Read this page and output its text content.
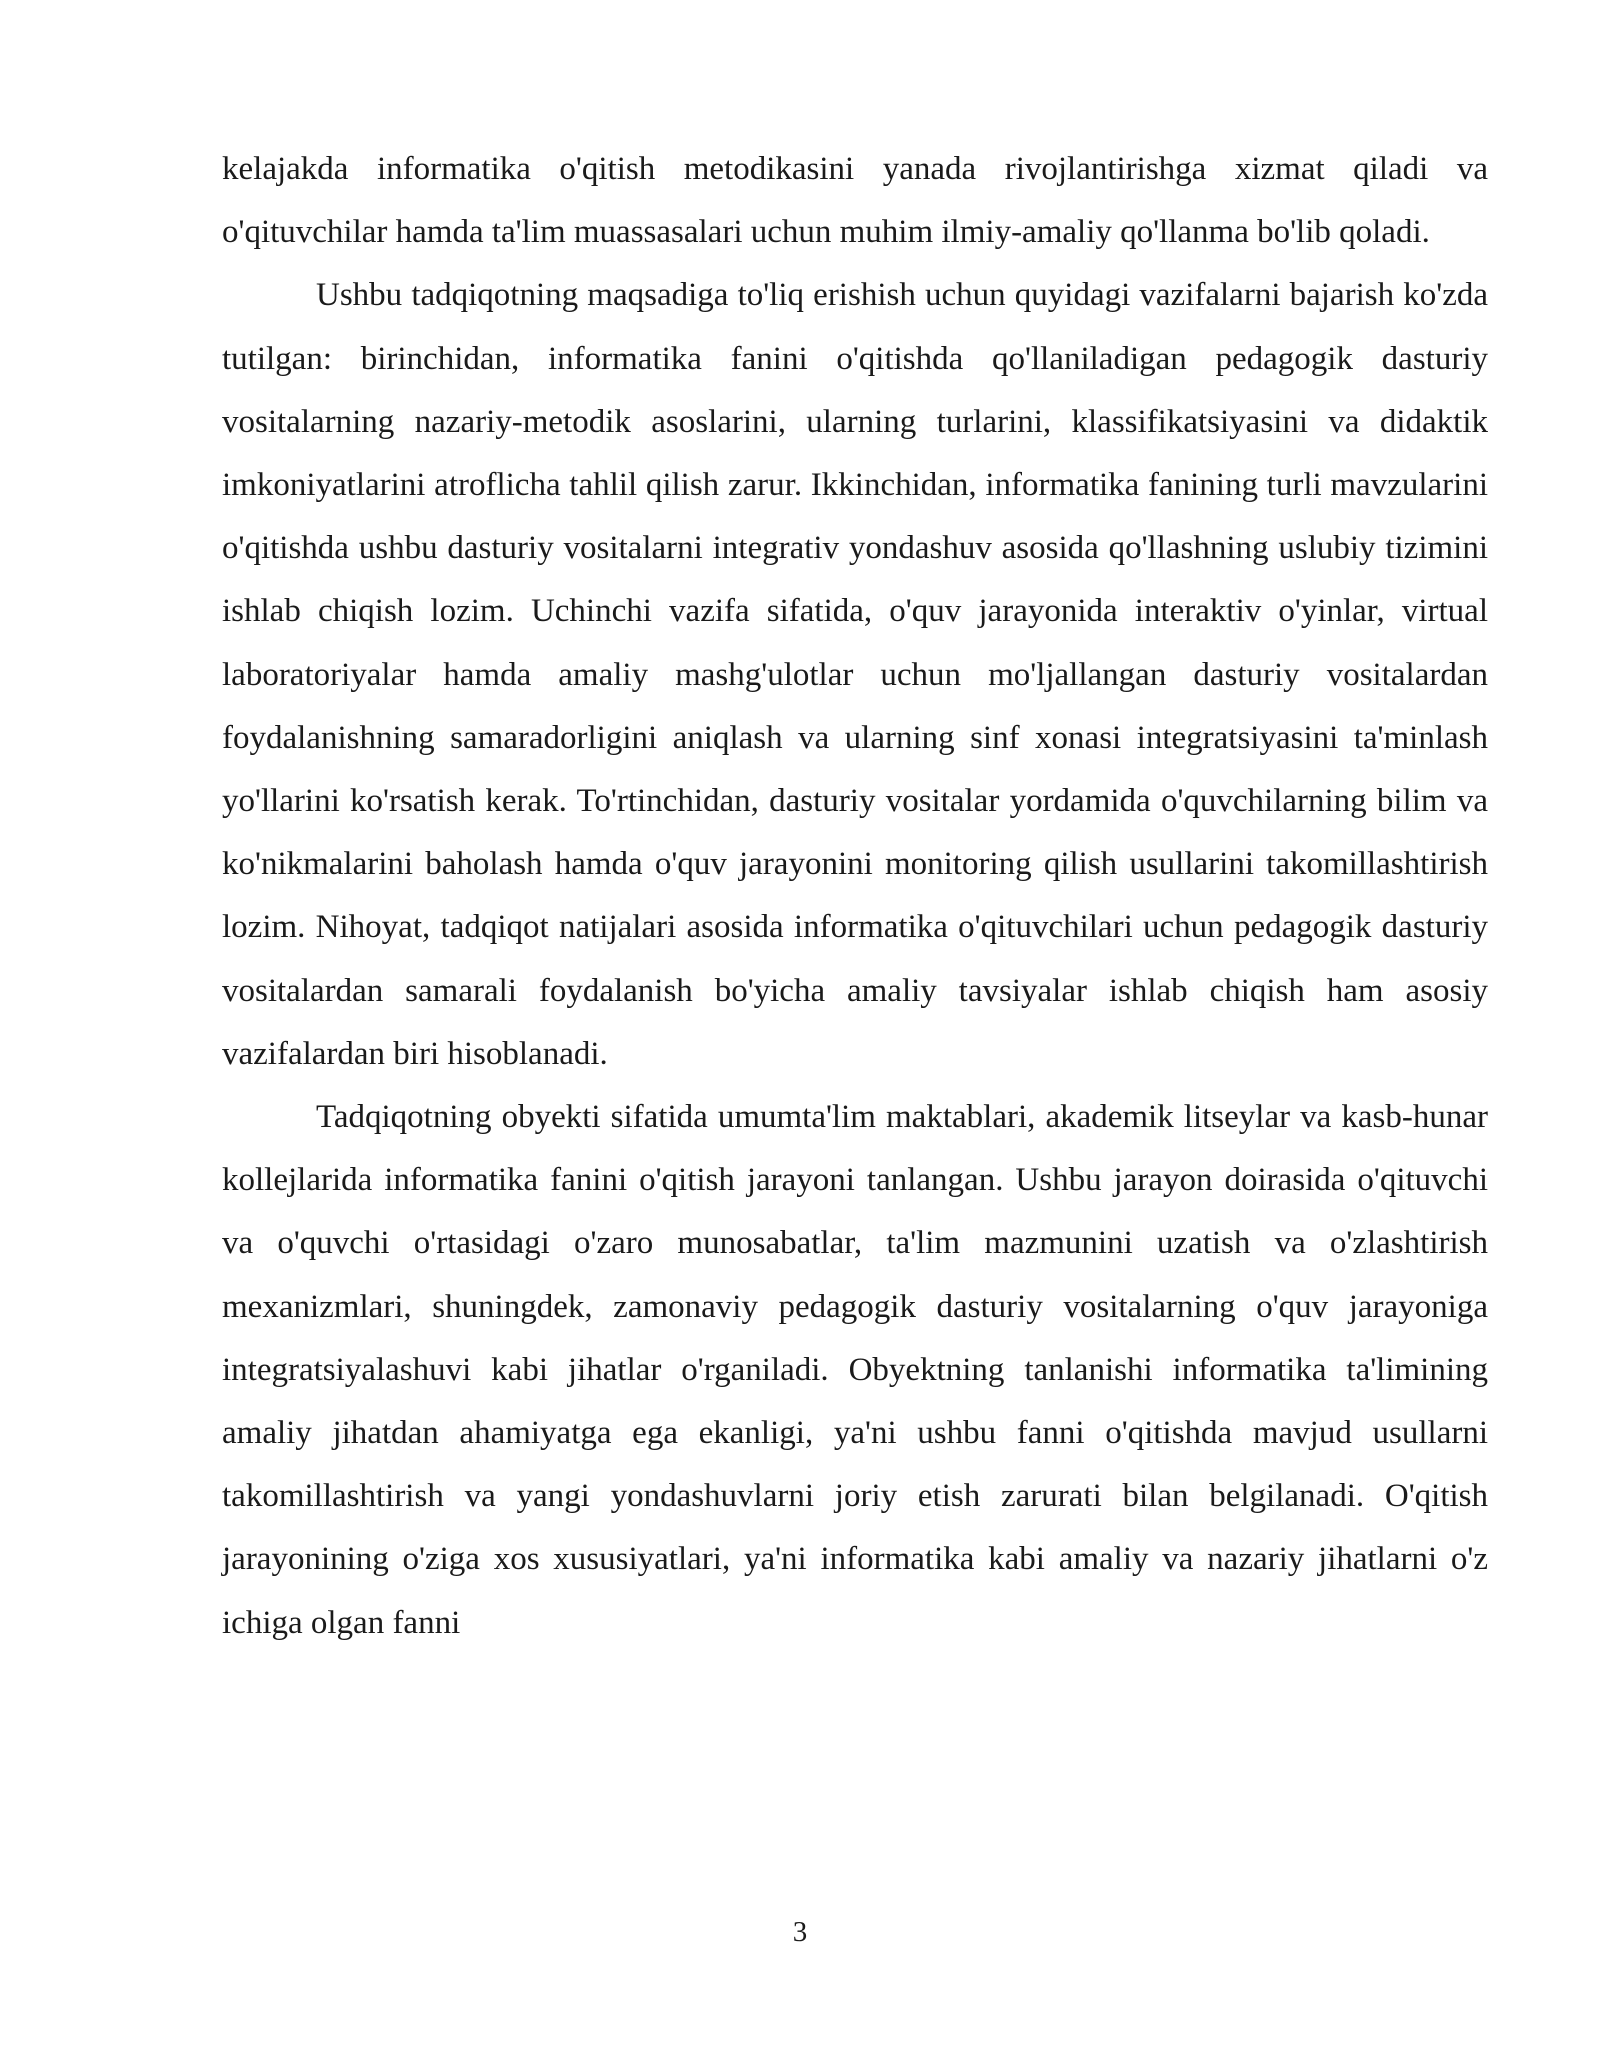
kelajakda informatika o'qitish metodikasini yanada rivojlantirishga xizmat qiladi va o'qituvchilar hamda ta'lim muassasalari uchun muhim ilmiy-amaliy qo'llanma bo'lib qoladi.

Ushbu tadqiqotning maqsadiga to'liq erishish uchun quyidagi vazifalarni bajarish ko'zda tutilgan: birinchidan, informatika fanini o'qitishda qo'llaniladigan pedagogik dasturiy vositalarning nazariy-metodik asoslarini, ularning turlarini, klassifikatsiyasini va didaktik imkoniyatlarini atroflicha tahlil qilish zarur. Ikkinchidan, informatika fanining turli mavzularini o'qitishda ushbu dasturiy vositalarni integrativ yondashuv asosida qo'llashning uslubiy tizimini ishlab chiqish lozim. Uchinchi vazifa sifatida, o'quv jarayonida interaktiv o'yinlar, virtual laboratoriyalar hamda amaliy mashg'ulotlar uchun mo'ljallangan dasturiy vositalardan foydalanishning samaradorligini aniqlash va ularning sinf xonasi integratsiyasini ta'minlash yo'llarini ko'rsatish kerak. To'rtinchidan, dasturiy vositalar yordamida o'quvchilarning bilim va ko'nikmalarini baholash hamda o'quv jarayonini monitoring qilish usullarini takomillashtirish lozim. Nihoyat, tadqiqot natijalari asosida informatika o'qituvchilari uchun pedagogik dasturiy vositalardan samarali foydalanish bo'yicha amaliy tavsiyalar ishlab chiqish ham asosiy vazifalardan biri hisoblanadi.

Tadqiqotning obyekti sifatida umumta'lim maktablari, akademik litseylar va kasb-hunar kollejlarida informatika fanini o'qitish jarayoni tanlangan. Ushbu jarayon doirasida o'qituvchi va o'quvchi o'rtasidagi o'zaro munosabatlar, ta'lim mazmunini uzatish va o'zlashtirish mexanizmlari, shuningdek, zamonaviy pedagogik dasturiy vositalarning o'quv jarayoniga integratsiyalashuvi kabi jihatlar o'rganiladi. Obyektning tanlanishi informatika ta'limining amaliy jihatdan ahamiyatga ega ekanligi, ya'ni ushbu fanni o'qitishda mavjud usullarni takomillashtirish va yangi yondashuvlarni joriy etish zarurati bilan belgilanadi. O'qitish jarayonining o'ziga xos xususiyatlari, ya'ni informatika kabi amaliy va nazariy jihatlarni o'z ichiga olgan fanni

3
